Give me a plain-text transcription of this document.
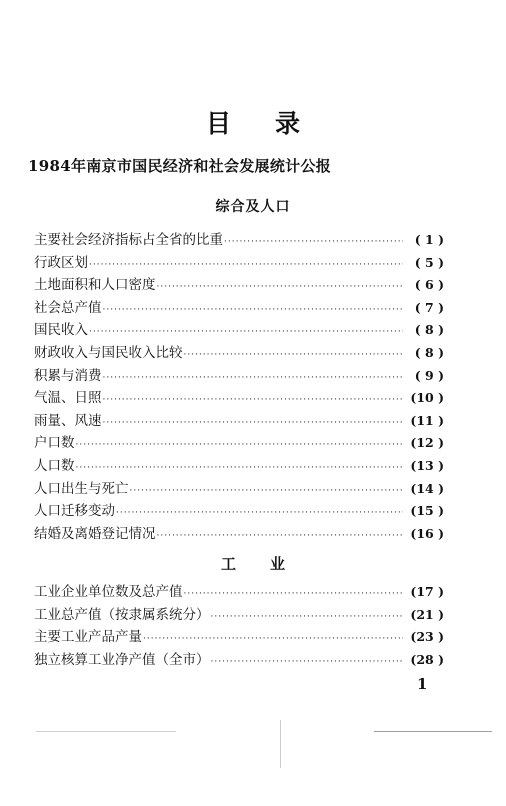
目录
1984年南京市国民经济和社会发展统计公报
综合及人口
主要社会经济指标占全省的比重 ·····	( 1 )
行政区划 ·····	( 5 )
土地面积和人口密度 ·····	( 6 )
社会总产值 ·····	( 7 )
国民收入 ·····	( 8 )
财政收入与国民收入比较 ·····	( 8 )
积累与消费 ·····	( 9 )
气温、日照 ·····	(10 )
雨量、风速 ·····	(11 )
户口数 ·····	(12 )
人口数 ·····	(13 )
人口出生与死亡 ·····	(14 )
人口迁移变动 ·····	(15 )
结婚及离婚登记情况 ·····	(16 )
工业
工业企业单位数及总产值 ·····	(17 )
工业总产值（按隶属系统分） ·····	(21 )
主要工业产品产量 ·····	(23 )
独立核算工业净产值（全市） ·····	(28 )
1
